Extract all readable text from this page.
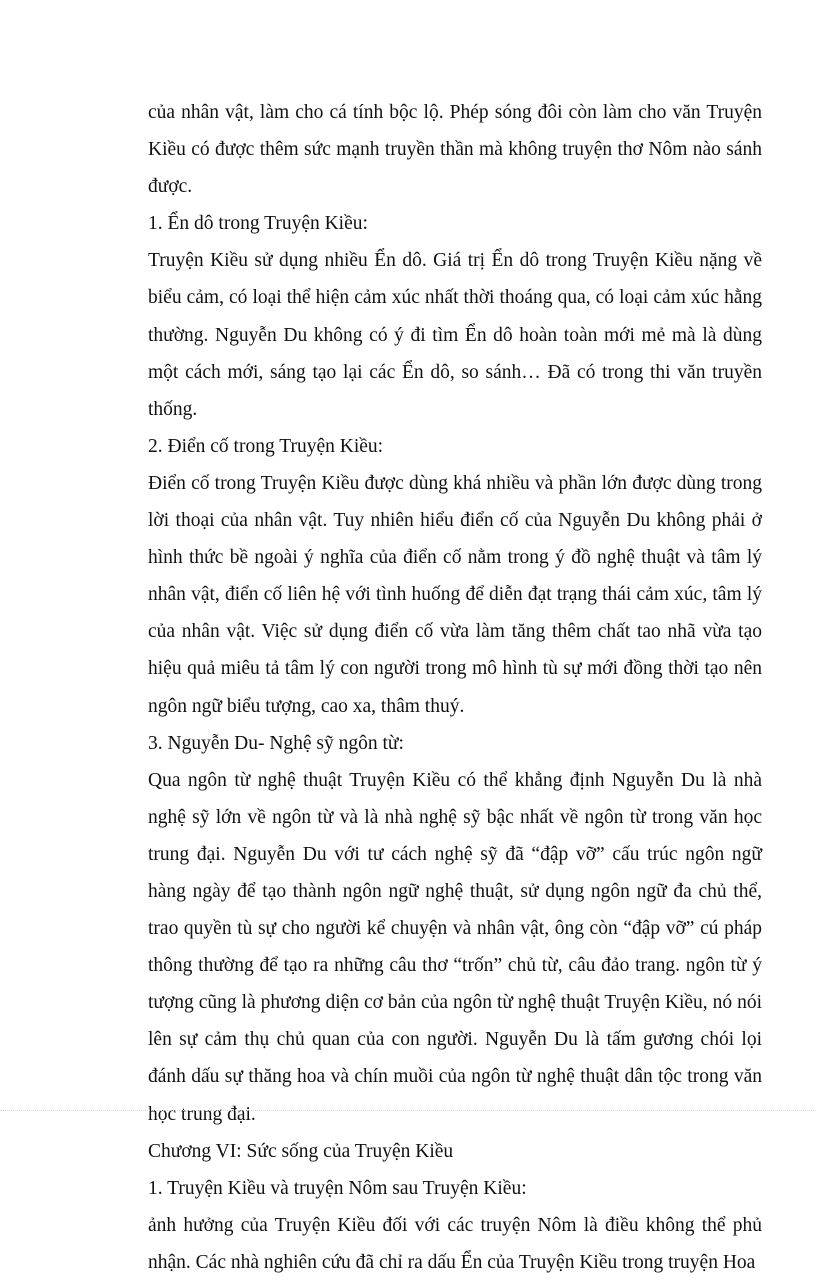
của nhân vật, làm cho cá tính bộc lộ. Phép sóng đôi còn làm cho văn Truyện Kiều có được thêm sức mạnh truyền thần mà không truyện thơ Nôm nào sánh được.

1. Ển dô trong Truyện Kiều:

Truyện Kiều sử dụng nhiều Ển dô. Giá trị Ển dô trong Truyện Kiều nặng về biểu cảm, có loại thể hiện cảm xúc nhất thời thoáng qua, có loại cảm xúc hằng thường. Nguyễn Du không có ý đi tìm Ển dô hoàn toàn mới mẻ mà là dùng một cách mới, sáng tạo lại các Ển dô, so sánh… Đã có trong thi văn truyền thống.

2. Điển cố trong Truyện Kiều:

Điển cố trong Truyện Kiều được dùng khá nhiều và phần lớn được dùng trong lời thoại của nhân vật. Tuy nhiên hiểu điển cố của Nguyễn Du không phải ở hình thức bề ngoài ý nghĩa của điển cố nằm trong ý đồ nghệ thuật và tâm lý nhân vật, điển cố liên hệ với tình huống để diễn đạt trạng thái cảm xúc, tâm lý của nhân vật. Việc sử dụng điển cố vừa làm tăng thêm chất tao nhã vừa tạo hiệu quả miêu tả tâm lý con người trong mô hình tù sự mới đồng thời tạo nên ngôn ngữ biểu tượng, cao xa, thâm thuý.

3. Nguyễn Du- Nghệ sỹ ngôn từ:

Qua ngôn từ nghệ thuật Truyện Kiều có thể khẳng định Nguyễn Du là nhà nghệ sỹ lớn về ngôn từ và là nhà nghệ sỹ bậc nhất về ngôn từ trong văn học trung đại. Nguyễn Du với tư cách nghệ sỹ đã “đập vỡ” cấu trúc ngôn ngữ hàng ngày để tạo thành ngôn ngữ nghệ thuật, sử dụng ngôn ngữ đa chủ thể, trao quyền tù sự cho người kể chuyện và nhân vật, ông còn “đập vỡ” cú pháp thông thường để tạo ra những câu thơ “trốn” chủ từ, câu đảo trang. ngôn từ ý tượng cũng là phương diện cơ bản của ngôn từ nghệ thuật Truyện Kiều, nó nói lên sự cảm thụ chủ quan của con người. Nguyễn Du là tấm gương chói lọi đánh dấu sự thăng hoa và chín muồi của ngôn từ nghệ thuật dân tộc trong văn học trung đại.

Chương VI: Sức sống của Truyện Kiều

1. Truyện Kiều và truyện Nôm sau Truyện Kiều:

ảnh hưởng của Truyện Kiều đối với các truyện Nôm là điều không thể phủ nhận. Các nhà nghiên cứu đã chỉ ra dấu Ển của Truyện Kiều trong truyện Hoa
